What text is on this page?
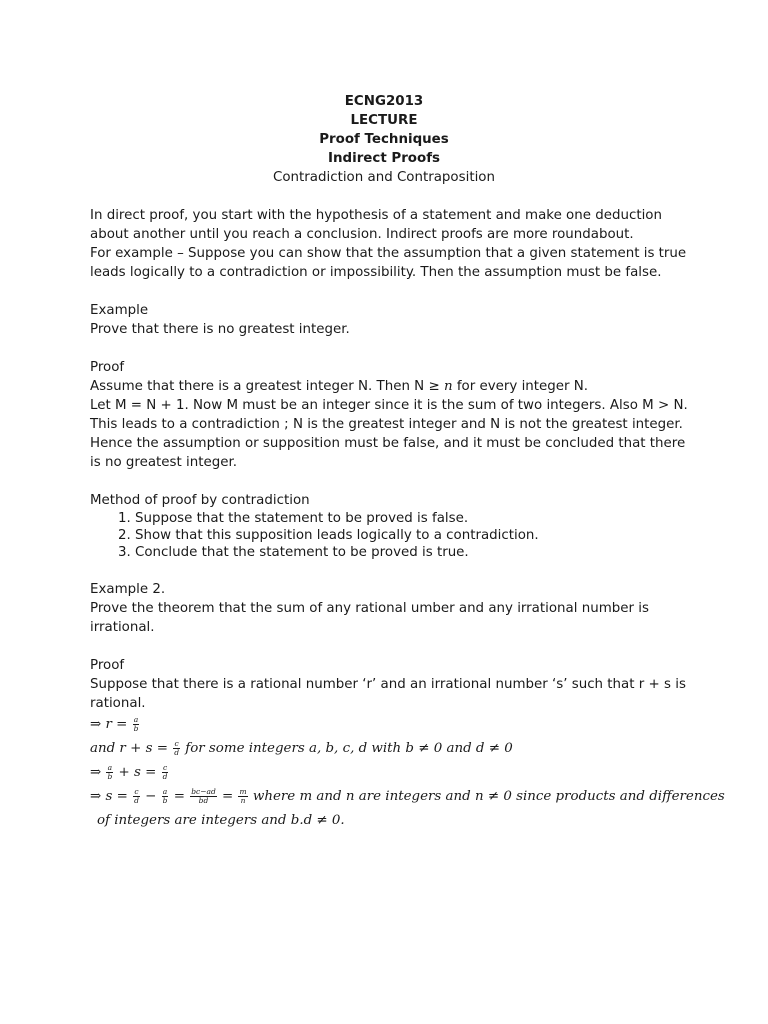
ECNG2013
LECTURE
Proof Techniques
Indirect Proofs
Contradiction and Contraposition

In direct proof, you start with the hypothesis of a statement and make one deduction about another until you reach a conclusion. Indirect proofs are more roundabout.

For example – Suppose you can show that the assumption that a given statement is true leads logically to a contradiction or impossibility. Then the assumption must be false.

Example

Prove that there is no greatest integer.

Proof

Assume that there is a greatest integer N. Then N ≥ n for every integer N.

Let M = N + 1. Now M must be an integer since it is the sum of two integers. Also M > N. This leads to a contradiction ; N is the greatest integer and N is not the greatest integer.

Hence the assumption or supposition must be false, and it must be concluded that there is no greatest integer.

Method of proof by contradiction

1. Suppose that the statement to be proved is false.
2. Show that this supposition leads logically to a contradiction.
3. Conclude that the statement to be proved is true.

Example 2.

Prove the theorem that the sum of any rational umber and any irrational number is irrational.

Proof

Suppose that there is a rational number ‘r’ and an irrational number ‘s’ such that r + s is rational.

⇒ $r = \frac{a}{b}$
and $r + s = \frac{c}{d}$ for some integers a, b, c, d with b ≠ 0 and d ≠ 0
⇒ $\frac{a}{b} + s = \frac{c}{d}$
⇒ $s = \frac{c}{d} - \frac{a}{b} = \frac{bc-ad}{bd} = \frac{m}{n}$ where m and n are integers and n ≠ 0 since products and differences
of integers are integers and b.d ≠ 0.
